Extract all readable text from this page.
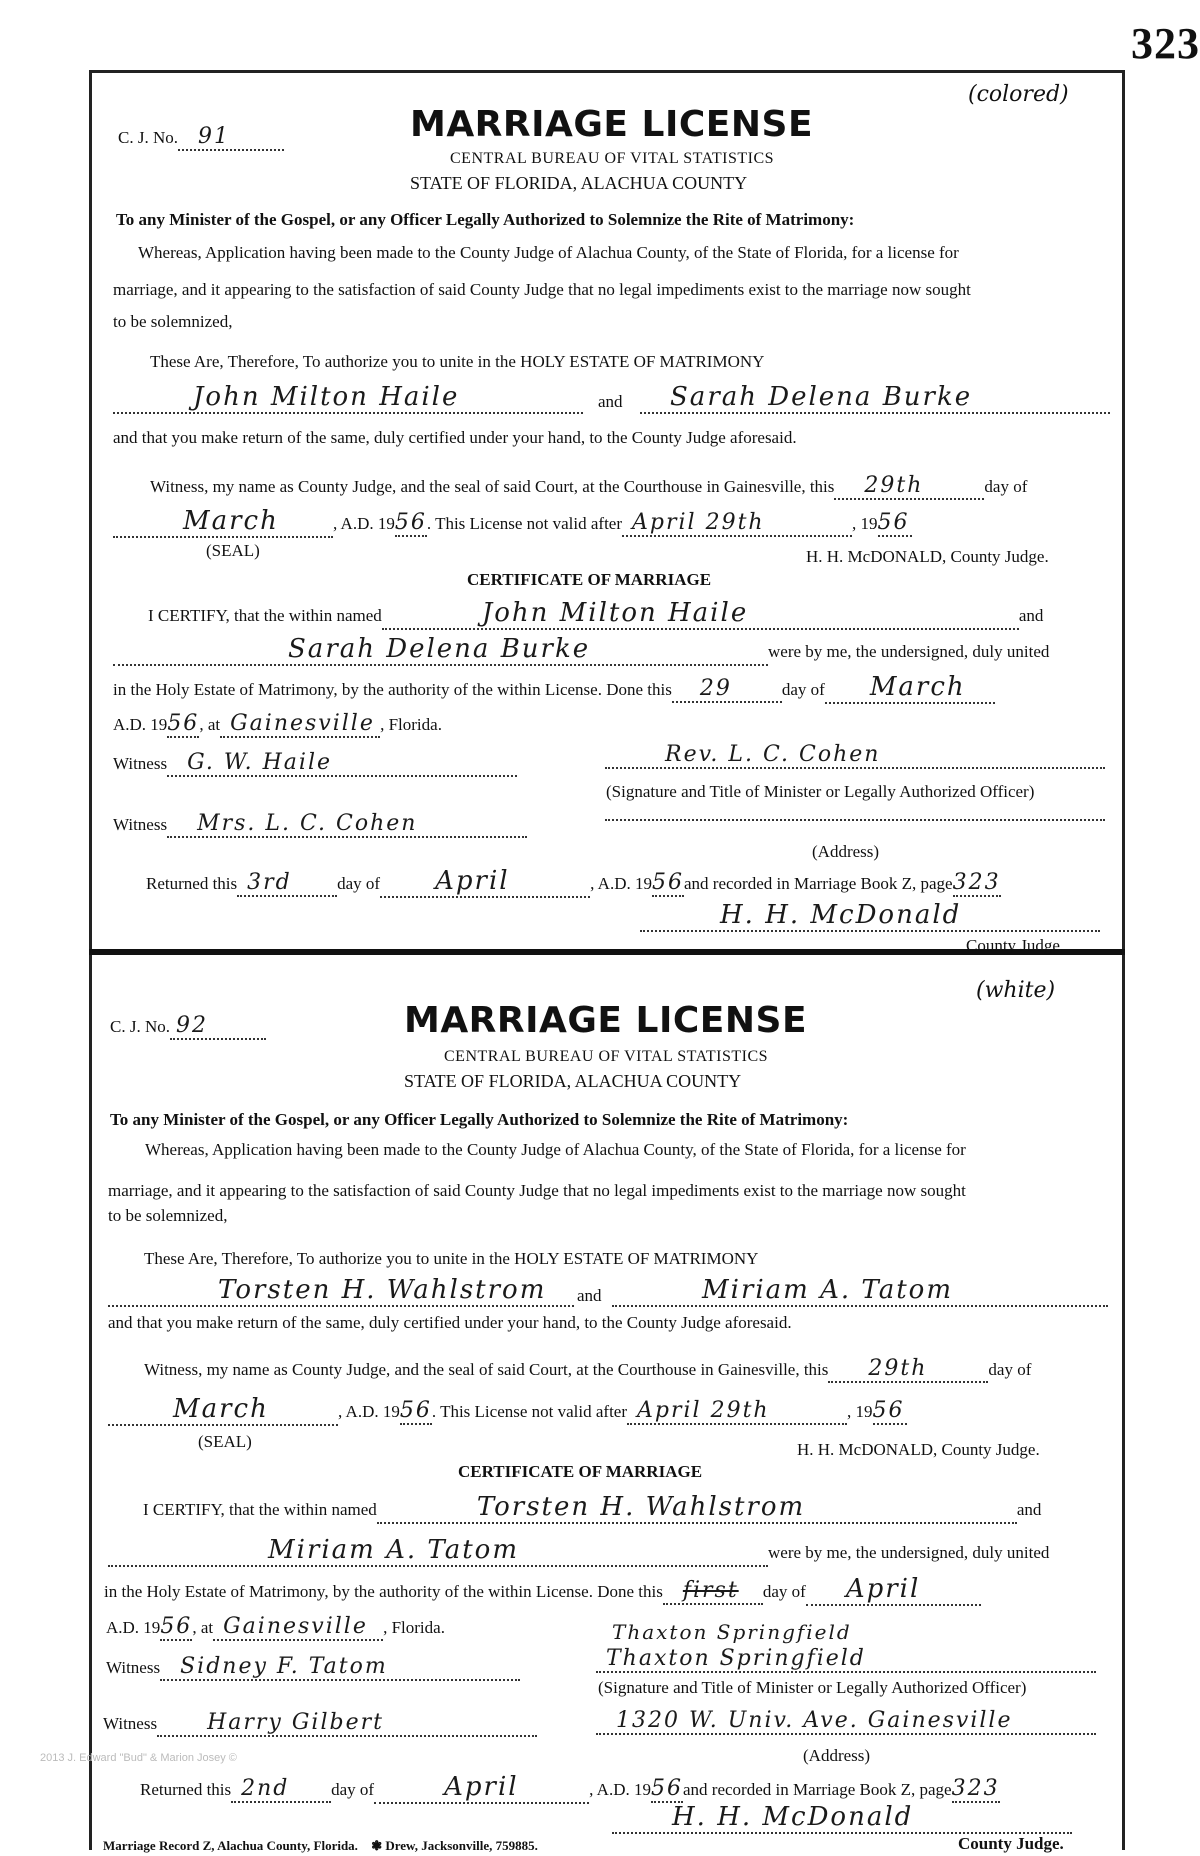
323
C. J. No. 91
(colored)
MARRIAGE LICENSE
CENTRAL BUREAU OF VITAL STATISTICS
STATE OF FLORIDA, ALACHUA COUNTY
To any Minister of the Gospel, or any Officer Legally Authorized to Solemnize the Rite of Matrimony:
Whereas, Application having been made to the County Judge of Alachua County, of the State of Florida, for a license for
marriage, and it appearing to the satisfaction of said County Judge that no legal impediments exist to the marriage now sought
to be solemnized,
These Are, Therefore, To authorize you to unite in the HOLY ESTATE OF MATRIMONY
John Milton Haile	and	Sarah Delena Burke
and that you make return of the same, duly certified under your hand, to the County Judge aforesaid.
Witness, my name as County Judge, and the seal of said Court, at the Courthouse in Gainesville, this 29th	day of
March	, A.D. 1956. This License not valid after April 29th	, 1956
(SEAL)	H. H. McDONALD, County Judge.
CERTIFICATE OF MARRIAGE
I CERTIFY, that the within named	John Milton Haile	and
Sarah Delena Burke	were by me, the undersigned, duly united
in the Holy Estate of Matrimony, by the authority of the within License. Done this 29	day of March
A.D. 1956, at Gainesville , Florida.
Witness G. W. Haile	Rev. L. C. Cohen
(Signature and Title of Minister or Legally Authorized Officer)
Witness Mrs. L. C. Cohen
(Address)
Returned this 3rd	day of April	, A.D. 1956and recorded in Marriage Book Z, page323
H. H. McDonald
County Judge.
C. J. No. 92
(white)
MARRIAGE LICENSE
CENTRAL BUREAU OF VITAL STATISTICS
STATE OF FLORIDA, ALACHUA COUNTY
To any Minister of the Gospel, or any Officer Legally Authorized to Solemnize the Rite of Matrimony:
Whereas, Application having been made to the County Judge of Alachua County, of the State of Florida, for a license for
marriage, and it appearing to the satisfaction of said County Judge that no legal impediments exist to the marriage now sought
to be solemnized,
These Are, Therefore, To authorize you to unite in the HOLY ESTATE OF MATRIMONY
Torsten H. Wahlstrom	and	Miriam A. Tatom
and that you make return of the same, duly certified under your hand, to the County Judge aforesaid.
Witness, my name as County Judge, and the seal of said Court, at the Courthouse in Gainesville, this 29th	day of
March	, A.D. 1956. This License not valid after April 29th	, 1956
(SEAL)	H. H. McDONALD, County Judge.
CERTIFICATE OF MARRIAGE
I CERTIFY, that the within named	Torsten H. Wahlstrom	and
Miriam A. Tatom	were by me, the undersigned, duly united
in the Holy Estate of Matrimony, by the authority of the within License. Done this first day of April
A.D. 1956, at Gainesville , Florida.
Witness Sidney F. Tatom
Thaxton Springfield
Thaxton Springfield
(Signature and Title of Minister or Legally Authorized Officer)
Witness Harry Gilbert	1320 W. Univ. Ave. Gainesville
(Address)
Returned this 2nd day of	April	, A.D. 1956and recorded in Marriage Book Z, page323
H. H. McDonald
County Judge.
Marriage Record Z, Alachua County, Florida. ❃ Drew, Jacksonville, 759885.
2013 J. Edward "Bud" & Marion Josey ©
